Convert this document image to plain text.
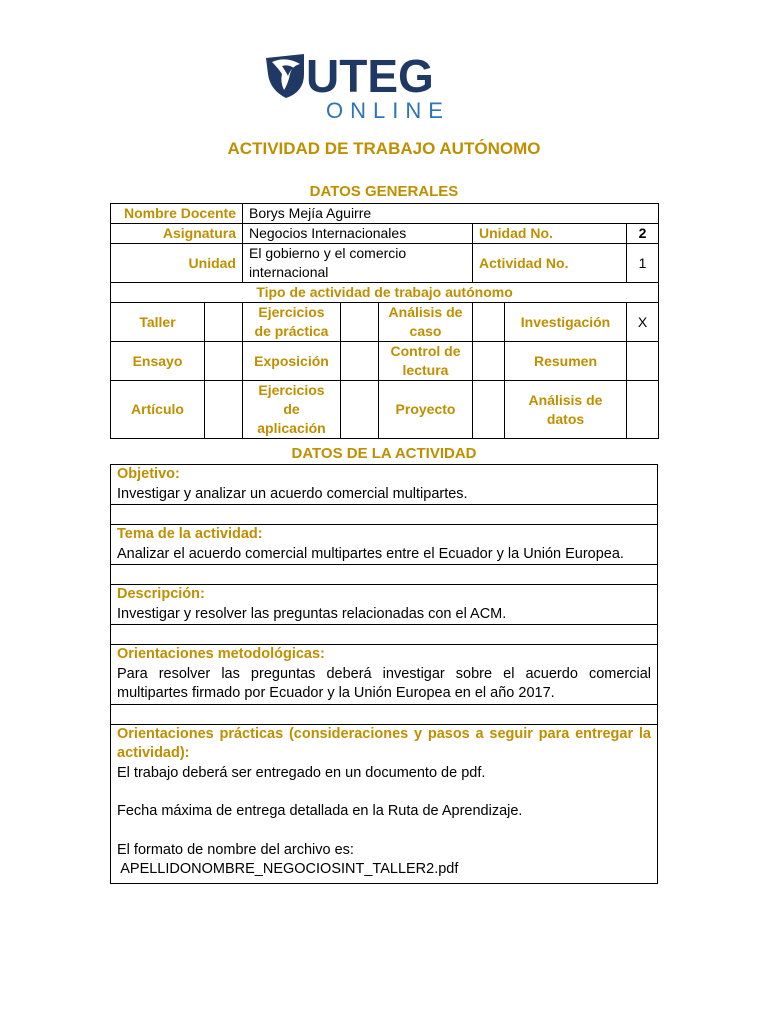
UTEG
ONLINE
ACTIVIDAD DE TRABAJO AUTÓNOMO
DATOS GENERALES
Nombre Docente		Borys Mejía Aguirre					
Asignatura		Negocios Internacionales			Unidad No.		2
Unidad		El gobierno y el comercio internacional			Actividad No.		1
Tipo de actividad de trabajo autónomo							
Taller		Ejercicios de práctica		Análisis de caso		Investigación	X
Ensayo		Exposición		Control de lectura		Resumen	
Artículo		Ejercicios de aplicación		Proyecto		Análisis de datos	
DATOS DE LA ACTIVIDAD
Objetivo:
Investigar y analizar un acuerdo comercial multipartes.
Tema de la actividad:
Analizar el acuerdo comercial multipartes entre el Ecuador y la Unión Europea.
Descripción:
Investigar y resolver las preguntas relacionadas con el ACM.
Orientaciones metodológicas:
Para resolver las preguntas deberá investigar sobre el acuerdo comercial multipartes firmado por Ecuador y la Unión Europea en el año 2017.
Orientaciones prácticas (consideraciones y pasos a seguir para entregar la actividad):
El trabajo deberá ser entregado en un documento de pdf.
Fecha máxima de entrega detallada en la Ruta de Aprendizaje.
El formato de nombre del archivo es:
APELLIDONOMBRE_NEGOCIOSINT_TALLER2.pdf
